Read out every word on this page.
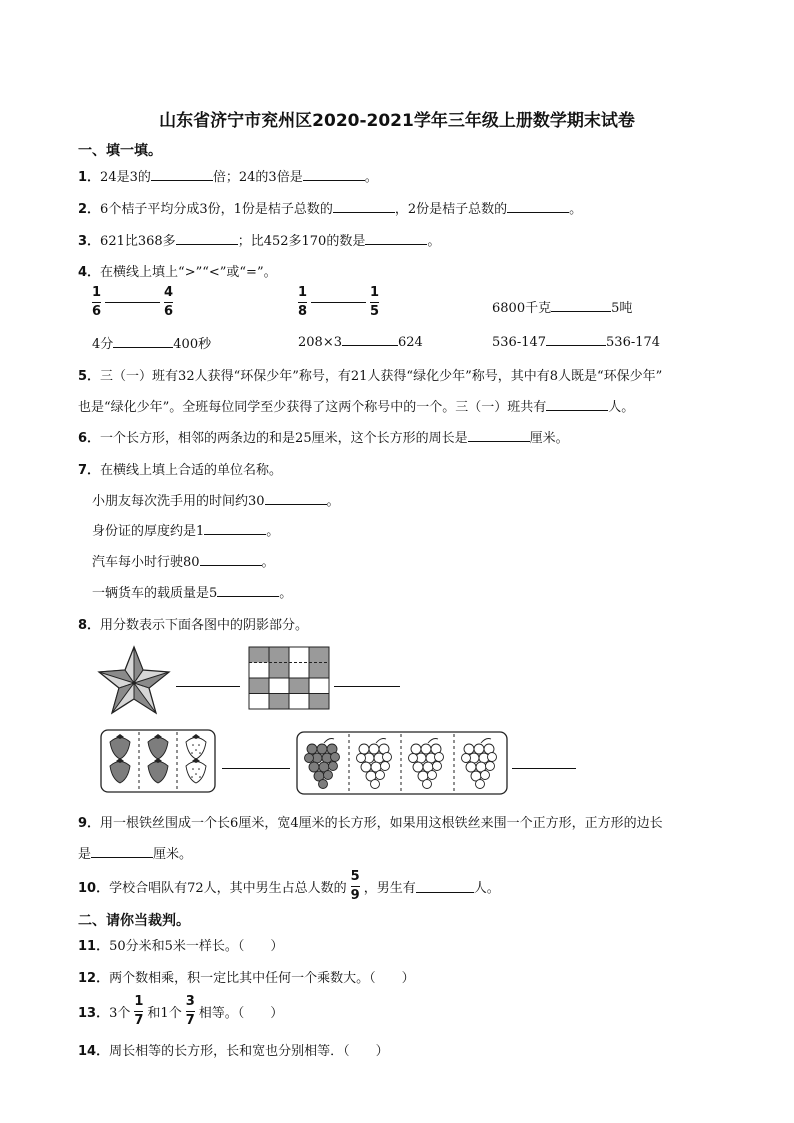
山东省济宁市兖州区2020-2021学年三年级上册数学期末试卷
一、填一填。
1．24是3的	倍；24的3倍是	。
2．6个桔子平均分成3份，1份是桔子总数的	，2份是桔子总数的	。
3．621比368多	；比452多170的数是	。
4．在横线上填上“>”“<”或“=”。
$\frac{1}{6}$	$\frac{4}{6}$	$\frac{1}{8}$	$\frac{1}{5}$	6800千克	5吨
4分	400秒	208×3	624	536-147	536-174
5．三（一）班有32人获得“环保少年”称号，有21人获得“绿化少年”称号，其中有8人既是“环保少年”
也是“绿化少年”。全班每位同学至少获得了这两个称号中的一个。三（一）班共有	人。
6．一个长方形，相邻的两条边的和是25厘米，这个长方形的周长是	厘米。
7．在横线上填上合适的单位名称。
小朋友每次洗手用的时间约30	。
身份证的厚度约是1	。
汽车每小时行驶80	。
一辆货车的载质量是5	。
8．用分数表示下面各图中的阴影部分。
9．用一根铁丝围成一个长6厘米，宽4厘米的长方形，如果用这根铁丝来围一个正方形，正方形的边长
是	厘米。
10． 学校合唱队有72人，其中男生占总人数的 $\frac{5}{9}$ ，男生有	人。
二、请你当裁判。
11．50分米和5米一样长。（　　）
12．两个数相乘，积一定比其中任何一个乘数大。（　　）
13． 3个 $\frac{1}{7}$ 和1个 $\frac{3}{7}$ 相等。（　　）
14．周长相等的长方形，长和宽也分别相等．（　　）
